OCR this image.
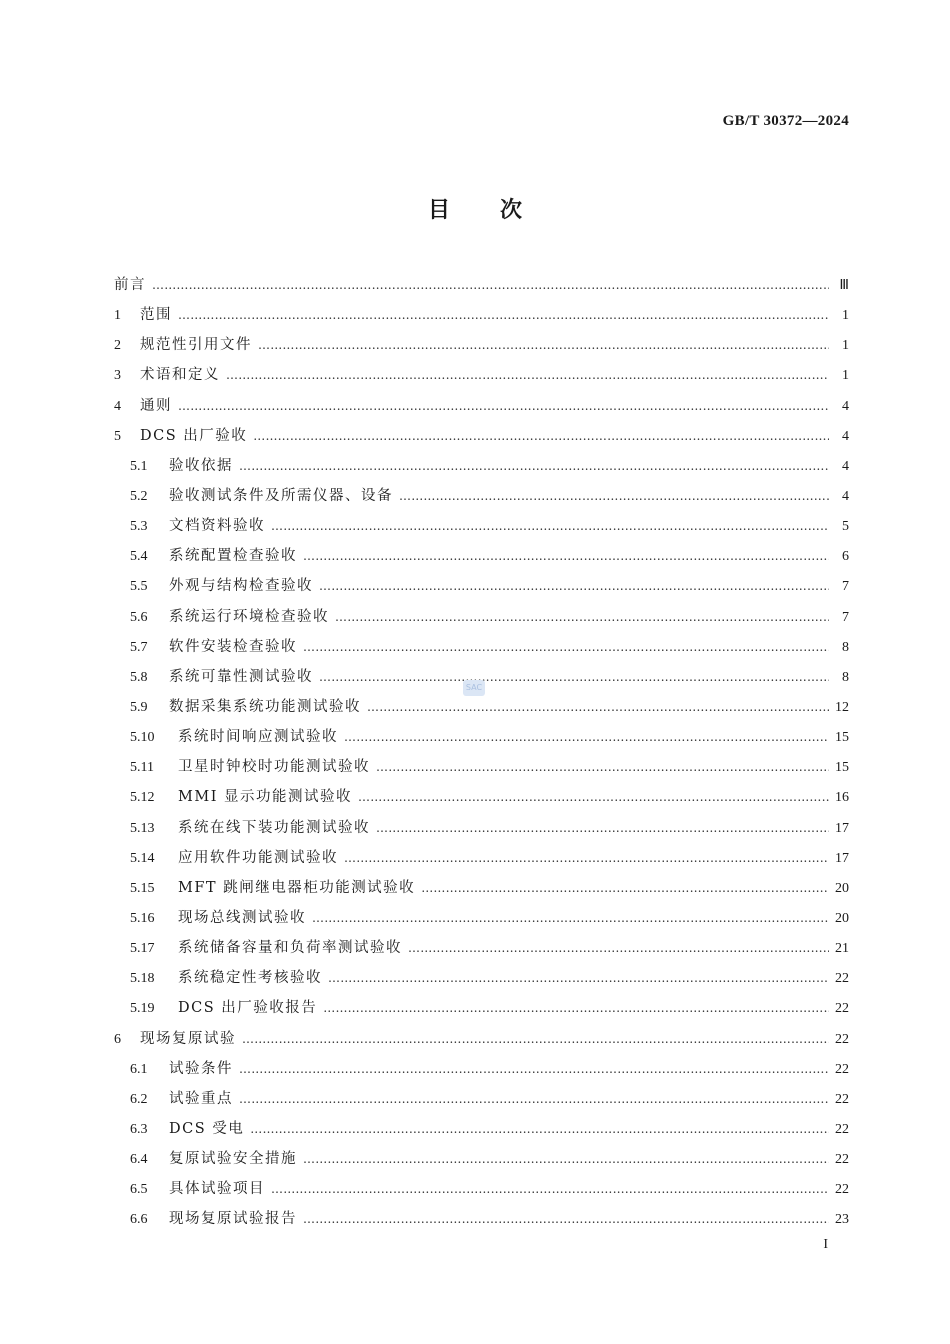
GB/T 30372—2024
目 次
前言 ……………………………………………………………………………………………………………………………………………………………………………………………………………………	Ⅲ
1	范围 ……………………………………………………………………………………………………………………………………………………………………………………………………………………	1
2	规范性引用文件 ……………………………………………………………………………………………………………………………………………………………………………………………………………………	1
3	术语和定义 ……………………………………………………………………………………………………………………………………………………………………………………………………………………	1
4	通则 ……………………………………………………………………………………………………………………………………………………………………………………………………………………	4
5	DCS 出厂验收 ……………………………………………………………………………………………………………………………………………………………………………………………………………………	4
5.1	验收依据 ……………………………………………………………………………………………………………………………………………………………………………………………………………………	4
5.2	验收测试条件及所需仪器、设备 ……………………………………………………………………………………………………………………………………………………………………………………………………………………	4
5.3	文档资料验收 ……………………………………………………………………………………………………………………………………………………………………………………………………………………	5
5.4	系统配置检查验收 ……………………………………………………………………………………………………………………………………………………………………………………………………………………	6
5.5	外观与结构检查验收 ……………………………………………………………………………………………………………………………………………………………………………………………………………………	7
5.6	系统运行环境检查验收 ……………………………………………………………………………………………………………………………………………………………………………………………………………………	7
5.7	软件安装检查验收 ……………………………………………………………………………………………………………………………………………………………………………………………………………………	8
5.8	系统可靠性测试验收 ……………………………………………………………………………………………………………………………………………………………………………………………………………………	8
5.9	数据采集系统功能测试验收 ……………………………………………………………………………………………………………………………………………………………………………………………………………………	12
5.10	系统时间响应测试验收 ……………………………………………………………………………………………………………………………………………………………………………………………………………………	15
5.11	卫星时钟校时功能测试验收 ……………………………………………………………………………………………………………………………………………………………………………………………………………………	15
5.12	MMI 显示功能测试验收 ……………………………………………………………………………………………………………………………………………………………………………………………………………………	16
5.13	系统在线下装功能测试验收 ……………………………………………………………………………………………………………………………………………………………………………………………………………………	17
5.14	应用软件功能测试验收 ……………………………………………………………………………………………………………………………………………………………………………………………………………………	17
5.15	MFT 跳闸继电器柜功能测试验收 ……………………………………………………………………………………………………………………………………………………………………………………………………………………	20
5.16	现场总线测试验收 ……………………………………………………………………………………………………………………………………………………………………………………………………………………	20
5.17	系统储备容量和负荷率测试验收 ……………………………………………………………………………………………………………………………………………………………………………………………………………………	21
5.18	系统稳定性考核验收 ……………………………………………………………………………………………………………………………………………………………………………………………………………………	22
5.19	DCS 出厂验收报告 ……………………………………………………………………………………………………………………………………………………………………………………………………………………	22
6	现场复原试验 ……………………………………………………………………………………………………………………………………………………………………………………………………………………	22
6.1	试验条件 ……………………………………………………………………………………………………………………………………………………………………………………………………………………	22
6.2	试验重点 ……………………………………………………………………………………………………………………………………………………………………………………………………………………	22
6.3	DCS 受电 ……………………………………………………………………………………………………………………………………………………………………………………………………………………	22
6.4	复原试验安全措施 ……………………………………………………………………………………………………………………………………………………………………………………………………………………	22
6.5	具体试验项目 ……………………………………………………………………………………………………………………………………………………………………………………………………………………	22
6.6	现场复原试验报告 ……………………………………………………………………………………………………………………………………………………………………………………………………………………	23
SAC
I
